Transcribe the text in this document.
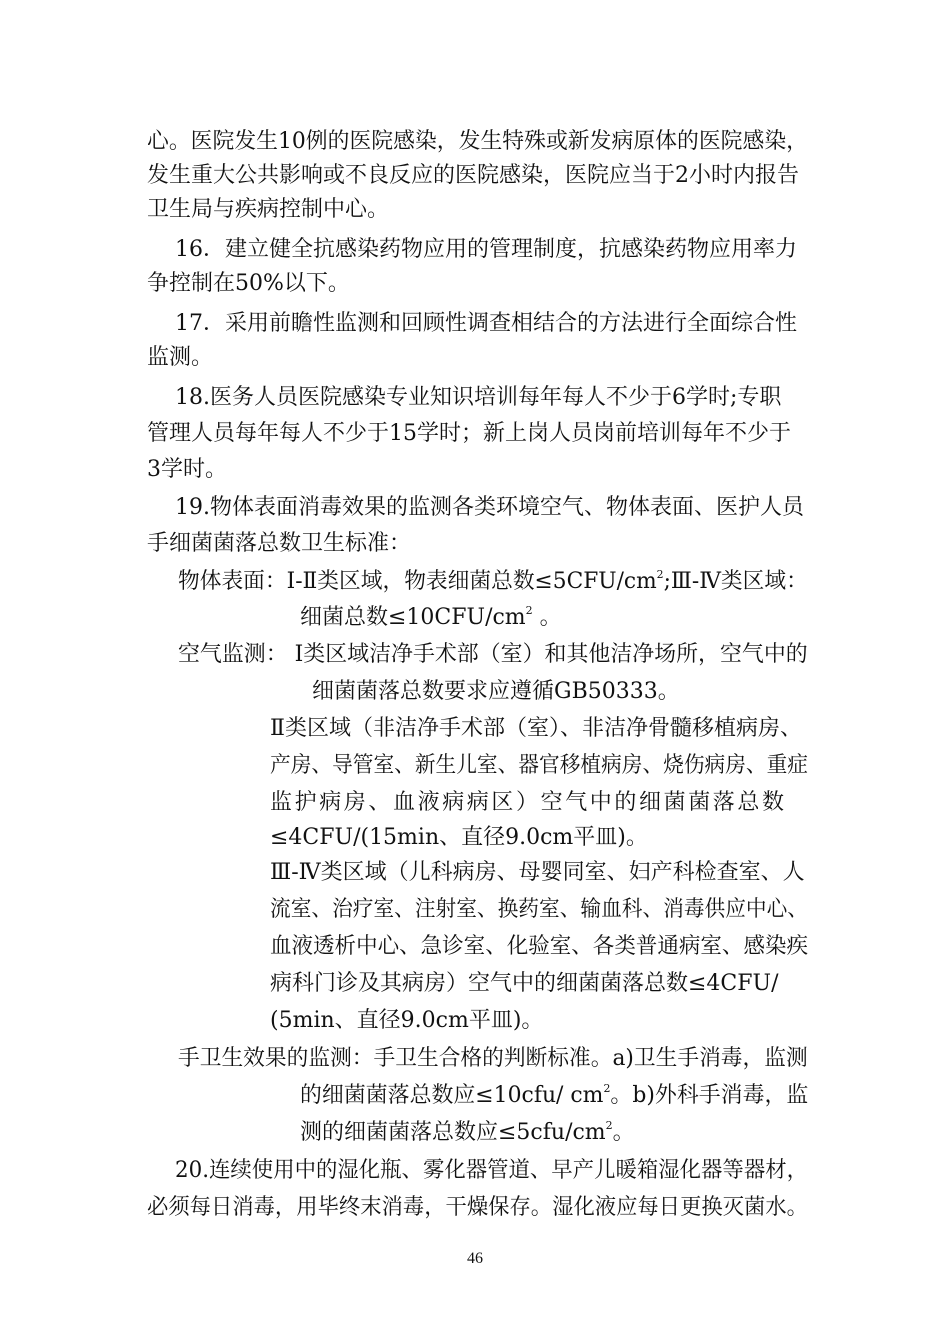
心。医院发生10例的医院感染，发生特殊或新发病原体的医院感染，
发生重大公共影响或不良反应的医院感染，医院应当于2小时内报告
卫生局与疾病控制中心。
16．建立健全抗感染药物应用的管理制度，抗感染药物应用率力
争控制在50%以下。
17．采用前瞻性监测和回顾性调查相结合的方法进行全面综合性
监测。
18.医务人员医院感染专业知识培训每年每人不少于6学时;专职
管理人员每年每人不少于15学时；新上岗人员岗前培训每年不少于
3学时。
19.物体表面消毒效果的监测各类环境空气、物体表面、医护人员
手细菌菌落总数卫生标准：
物体表面：Ⅰ-Ⅱ类区域，物表细菌总数$\le 5CFU/cm^2;Ⅲ-Ⅳ$类区域：
细菌总数$\le 10CFU/cm^2$ 。
空气监测： Ⅰ类区域洁净手术部（室）和其他洁净场所，空气中的
细菌菌落总数要求应遵循GB50333。
Ⅱ类区域（非洁净手术部（室）、非洁净骨髓移植病房、
产房、导管室、新生儿室、器官移植病房、烧伤病房、重症
监护病房、血液病病区）空气中的细菌菌落总数
≤4CFU/(15min、直径9.0cm平皿)。
Ⅲ-Ⅳ类区域（儿科病房、母婴同室、妇产科检查室、人
流室、治疗室、注射室、换药室、输血科、消毒供应中心、
血液透析中心、急诊室、化验室、各类普通病室、感染疾
病科门诊及其病房）空气中的细菌菌落总数≤4CFU/
(5min、直径9.0cm平皿)。
手卫生效果的监测：手卫生合格的判断标准。a)卫生手消毒，监测
的细菌菌落总数应≤10cfu/ $cm^2$。b)外科手消毒，监
测的细菌菌落总数应$\le 5cfu/cm^2$。
20.连续使用中的湿化瓶、雾化器管道、早产儿暖箱湿化器等器材，
必须每日消毒，用毕终末消毒，干燥保存。湿化液应每日更换灭菌水。
46
